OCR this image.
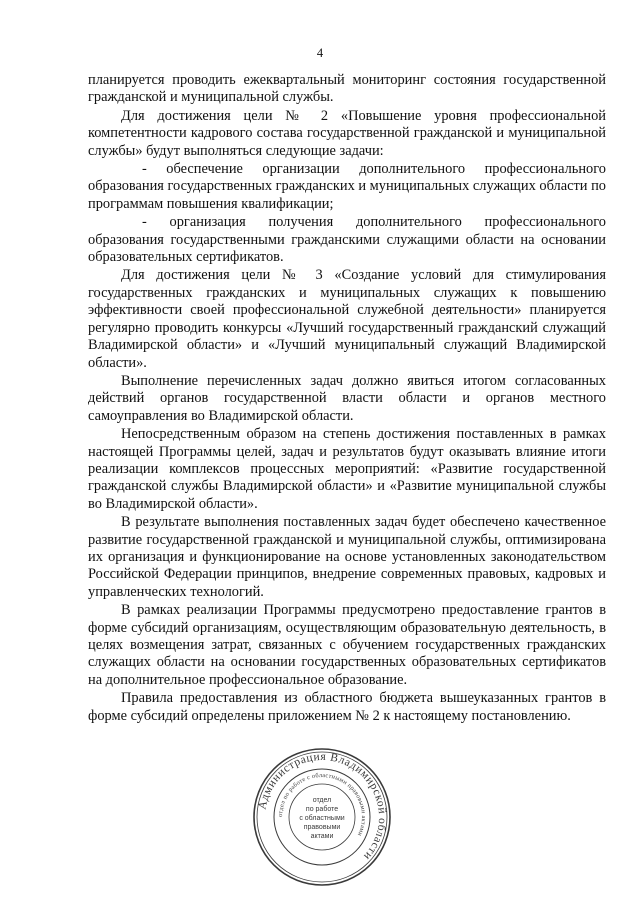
4

планируется проводить ежеквартальный мониторинг состояния государственной гражданской и муниципальной службы.

Для достижения цели № 2 «Повышение уровня профессиональной компетентности кадрового состава государственной гражданской и муниципальной службы» будут выполняться следующие задачи:

- обеспечение организации дополнительного профессионального образования государственных гражданских и муниципальных служащих области по программам повышения квалификации;

- организация получения дополнительного профессионального образования государственными гражданскими служащими области на основании образовательных сертификатов.

Для достижения цели № 3 «Создание условий для стимулирования государственных гражданских и муниципальных служащих к повышению эффективности своей профессиональной служебной деятельности» планируется регулярно проводить конкурсы «Лучший государственный гражданский служащий Владимирской области» и «Лучший муниципальный служащий Владимирской области».

Выполнение перечисленных задач должно явиться итогом согласованных действий органов государственной власти области и органов местного самоуправления во Владимирской области.

Непосредственным образом на степень достижения поставленных в рамках настоящей Программы целей, задач и результатов будут оказывать влияние итоги реализации комплексов процессных мероприятий: «Развитие государственной гражданской службы Владимирской области» и «Развитие муниципальной службы во Владимирской области».

В результате выполнения поставленных задач будет обеспечено качественное развитие государственной гражданской и муниципальной службы, оптимизирована их организация и функционирование на основе установленных законодательством Российской Федерации принципов, внедрение современных правовых, кадровых и управленческих технологий.

В рамках реализации Программы предусмотрено предоставление грантов в форме субсидий организациям, осуществляющим образовательную деятельность, в целях возмещения затрат, связанных с обучением государственных гражданских служащих области на основании государственных образовательных сертификатов на дополнительное профессиональное образование.

Правила предоставления из областного бюджета вышеуказанных грантов в форме субсидий определены приложением № 2 к настоящему постановлению.

Администрация Владимирской области
отдел по работе с областными правовыми актами
отдел
по работе
с областными
правовыми
актами
